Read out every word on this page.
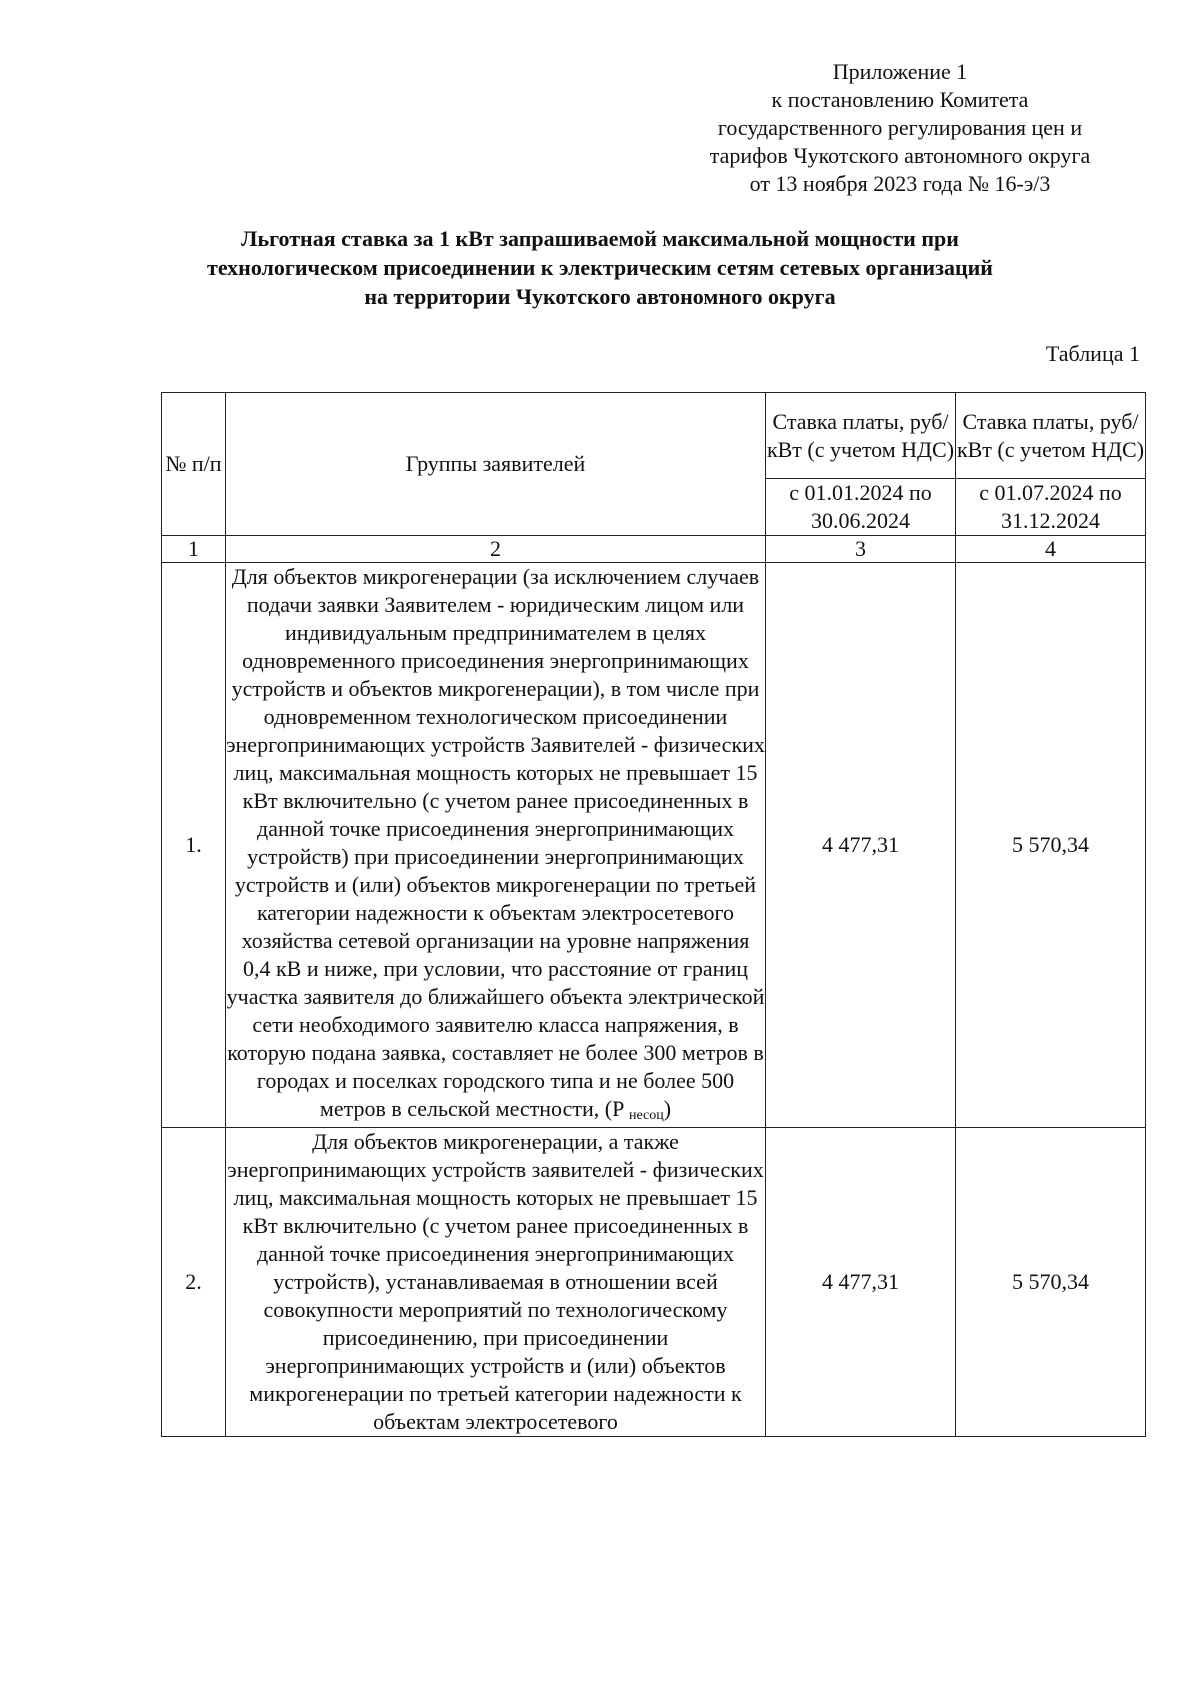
Приложение 1
к постановлению Комитета
государственного регулирования цен и
тарифов Чукотского автономного округа
от 13 ноября 2023 года № 16-э/3
Льготная ставка за 1 кВт запрашиваемой максимальной мощности при
технологическом присоединении к электрическим сетям сетевых организаций
на территории Чукотского автономного округа
Таблица 1
№ п/п	Группы заявителей	Ставка платы, руб/кВт (с учетом НДС)	Ставка платы, руб/кВт (с учетом НДС)
		с 01.01.2024 по 30.06.2024	с 01.07.2024 по 31.12.2024
1	2	3	4
1.	Для объектов микрогенерации (за исключением случаев подачи заявки Заявителем - юридическим лицом или индивидуальным предпринимателем в целях одновременного присоединения энергопринимающих устройств и объектов микрогенерации), в том числе при одновременном технологическом присоединении энергопринимающих устройств Заявителей - физических лиц, максимальная мощность которых не превышает 15 кВт включительно (с учетом ранее присоединенных в данной точке присоединения энергопринимающих устройств) при присоединении энергопринимающих устройств и (или) объектов микрогенерации по третьей категории надежности к объектам электросетевого хозяйства сетевой организации на уровне напряжения 0,4 кВ и ниже, при условии, что расстояние от границ участка заявителя до ближайшего объекта электрической сети необходимого заявителю класса напряжения, в которую подана заявка, составляет не более 300 метров в городах и поселках городского типа и не более 500 метров в сельской местности, (P несоц)	4 477,31	5 570,34
2.	Для объектов микрогенерации, а также энергопринимающих устройств заявителей - физических лиц, максимальная мощность которых не превышает 15 кВт включительно (с учетом ранее присоединенных в данной точке присоединения энергопринимающих устройств), устанавливаемая в отношении всей совокупности мероприятий по технологическому присоединению, при присоединении энергопринимающих устройств и (или) объектов микрогенерации по третьей категории надежности к объектам электросетевого	4 477,31	5 570,34
